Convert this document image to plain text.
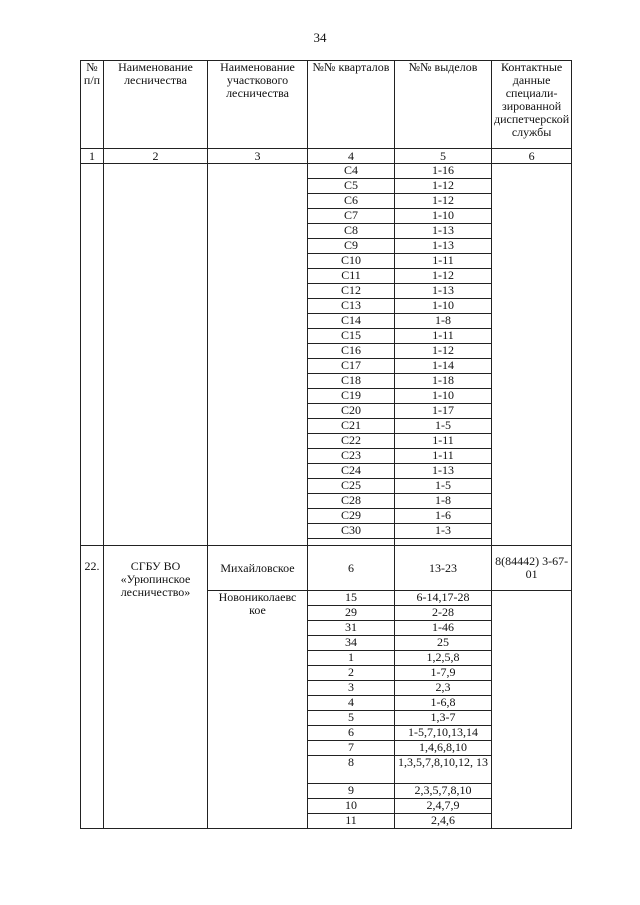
34
№ п/п	Наименование лесничества	Наименование участкового лесничества	№№ кварталов	№№ выделов	Контактные данные специали-зированной диспетчерской службы
1	2	3	4	5	6
			С4	1-16	
			С5	1-12	
			С6	1-12	
			С7	1-10	
			С8	1-13	
			С9	1-13	
			С10	1-11	
			С11	1-12	
			С12	1-13	
			С13	1-10	
			С14	1-8	
			С15	1-11	
			С16	1-12	
			С17	1-14	
			С18	1-18	
			С19	1-10	
			С20	1-17	
			С21	1-5	
			С22	1-11	
			С23	1-11	
			С24	1-13	
			С25	1-5	
			С28	1-8	
			С29	1-6	
			С30	1-3	

22.	СГБУ ВО «Урюпинское лесничество»	Михайловское	6	13-23	8(84442) 3-67-01
		Новониколаевс кое	15	6-14,17-28	
			29	2-28	
			31	1-46	
			34	25	
			1	1,2,5,8	
			2	1-7,9	
			3	2,3	
			4	1-6,8	
			5	1,3-7	
			6	1-5,7,10,13,14	
			7	1,4,6,8,10	
			8	1,3,5,7,8,10,12, 13	
			9	2,3,5,7,8,10	
			10	2,4,7,9	
			11	2,4,6	
